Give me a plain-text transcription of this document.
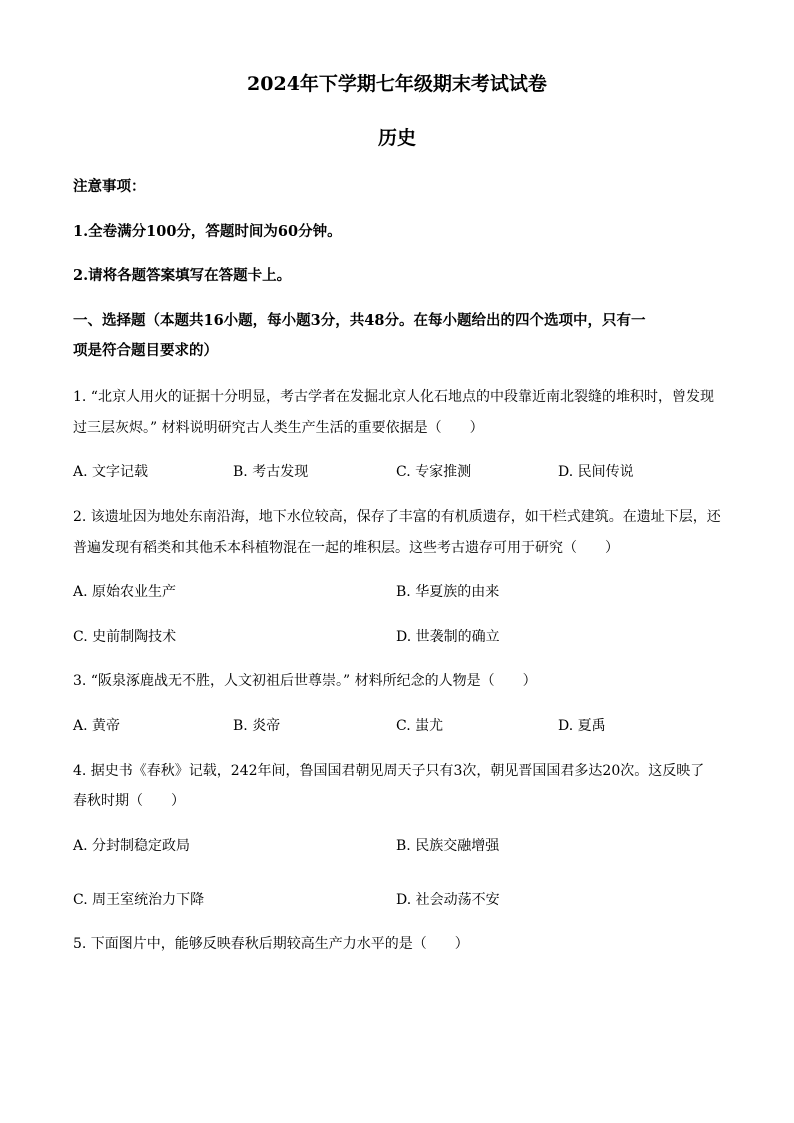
2024年下学期七年级期末考试试卷
历史
注意事项：
1.全卷满分100分，答题时间为60分钟。
2.请将各题答案填写在答题卡上。
一、选择题（本题共16小题，每小题3分，共48分。在每小题给出的四个选项中，只有一
项是符合题目要求的）
1. “北京人用火的证据十分明显，考古学者在发掘北京人化石地点的中段靠近南北裂缝的堆积时，曾发现
过三层灰烬。” 材料说明研究古人类生产生活的重要依据是（　　）
A. 文字记载	B. 考古发现	C. 专家推测	D. 民间传说
2. 该遗址因为地处东南沿海，地下水位较高，保存了丰富的有机质遗存，如干栏式建筑。在遗址下层，还
普遍发现有稻类和其他禾本科植物混在一起的堆积层。这些考古遗存可用于研究（　　）
A. 原始农业生产	B. 华夏族的由来
C. 史前制陶技术	D. 世袭制的确立
3. “阪泉涿鹿战无不胜，人文初祖后世尊崇。” 材料所纪念的人物是（　　）
A. 黄帝	B. 炎帝	C. 蚩尤	D. 夏禹
4. 据史书《春秋》记载，242年间，鲁国国君朝见周天子只有3次，朝见晋国国君多达20次。这反映了
春秋时期（　　）
A. 分封制稳定政局	B. 民族交融增强
C. 周王室统治力下降	D. 社会动荡不安
5. 下面图片中，能够反映春秋后期较高生产力水平的是（　　）
